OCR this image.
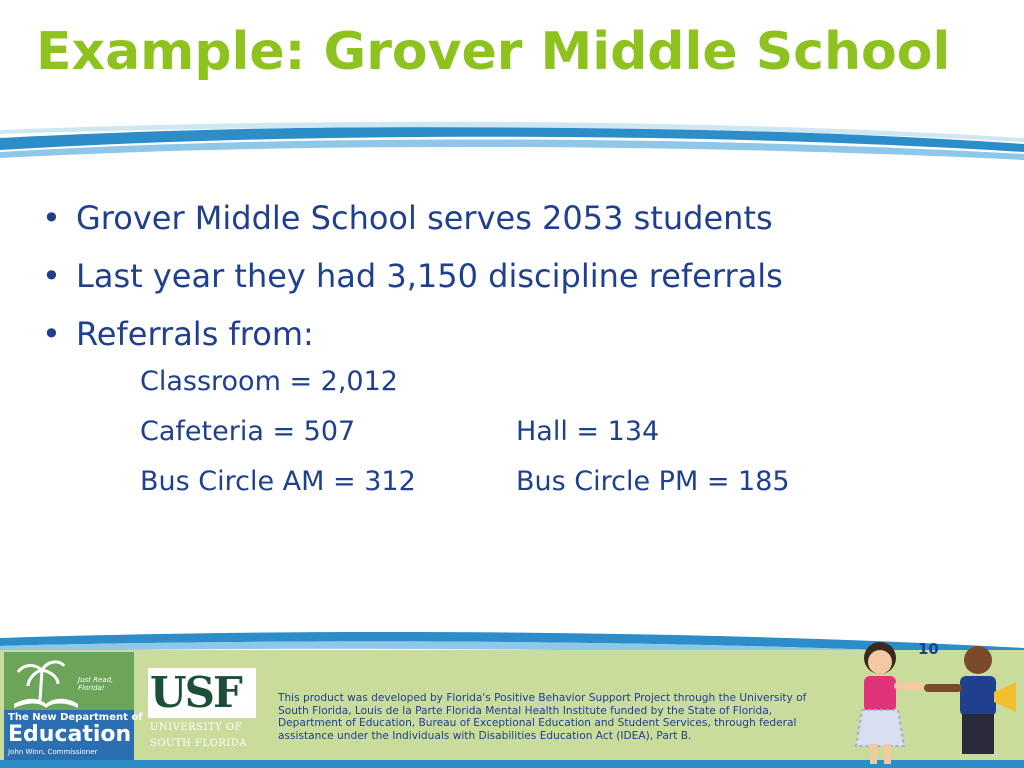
Example: Grover Middle School
• Grover Middle School serves 2053 students
• Last year they had 3,150 discipline referrals
• Referrals from:
Classroom = 2,012
Cafeteria = 507	Hall = 134
Bus Circle AM = 312	Bus Circle PM = 185
10
Just Read, Florida!
The New Department of
Education
John Winn, Commissioner
USF
UNIVERSITY OF
SOUTH FLORIDA
This product was developed by Florida's Positive Behavior Support Project through the University of South Florida, Louis de la Parte Florida Mental Health Institute funded by the State of Florida, Department of Education, Bureau of Exceptional Education and Student Services, through federal assistance under the Individuals with Disabilities Education Act (IDEA), Part B.
